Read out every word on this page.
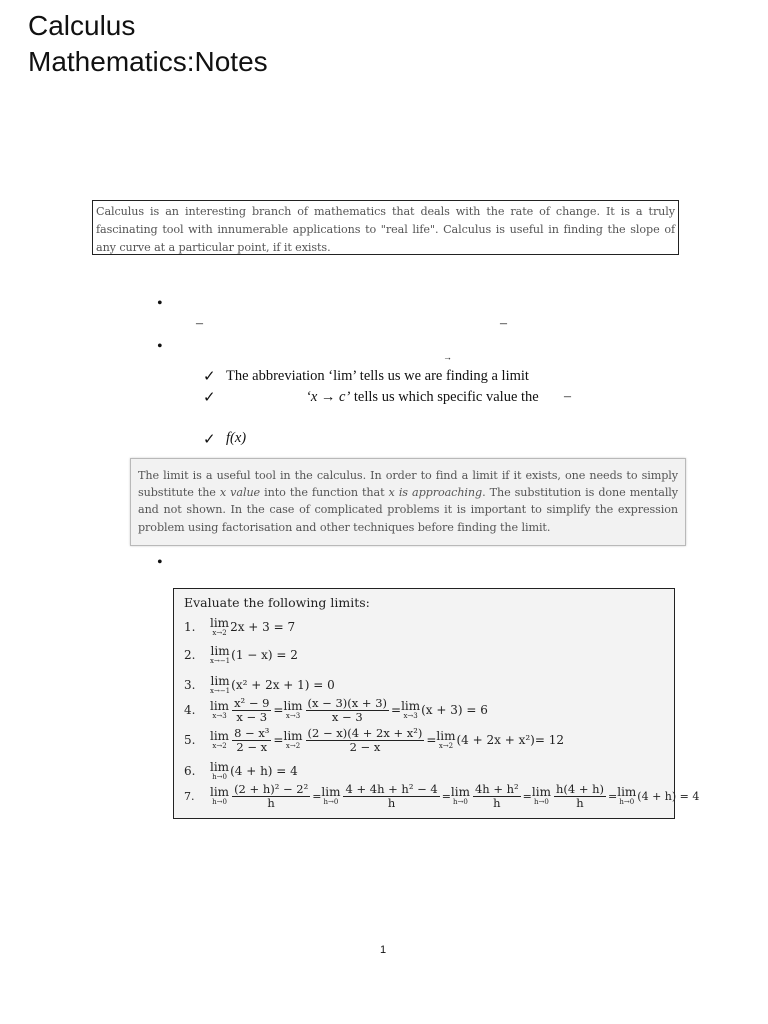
Calculus
Mathematics:Notes
Calculus is an interesting branch of mathematics that deals with the rate of change. It is a truly fascinating tool with innumerable applications to "real life". Calculus is useful in finding the slope of any curve at a particular point, if it exists.
•
–	–
•
→
✓ The abbreviation ‘lim’ tells us we are finding a limit
✓	‘x → c’ tells us which specific value the –
✓ f(x)
The limit is a useful tool in the calculus. In order to find a limit if it exists, one needs to simply substitute the x value into the function that x is approaching. The substitution is done mentally and not shown. In the case of complicated problems it is important to simplify the expression problem using factorisation and other techniques before finding the limit.
•
Evaluate the following limits:
1.	lim
x→2 2x + 3 = 7
2.	lim
x→−1 (1 − x) = 2
3.	lim
x→−1 (x² + 2x + 1) = 0
4.	lim
$x\to 3 \frac{\text{x² − 9}}{x - 3} = \lim$
$x\to 3 \frac{(x - 3)(x + 3)}{x - 3} = \lim$
x→3 (x + 3) = 6
5.	lim
$x\to 2 \frac{\text{8 − x³}}{2 - x} = \lim$
$x\to 2 \frac{\text{(2 − x)(4 + 2x + x²)}}{2 - x} = \lim$
x→2 (4 + 2x + x²)= 12
6.	lim
h→0 (4 + h) = 4
7.	lim
$h\to 0 \frac{\text{(2 + h)² − 2²}}{h} = \lim$
$h\to 0 \frac{\text{4 + 4h + h² − 4}}{h} = \lim$
$h\to 0 \frac{\text{4h + h²}}{h} = \lim$
$h\to 0 \frac{h(4 + h)}{h} = \lim$
h→0 (4 + h) = 4
1
